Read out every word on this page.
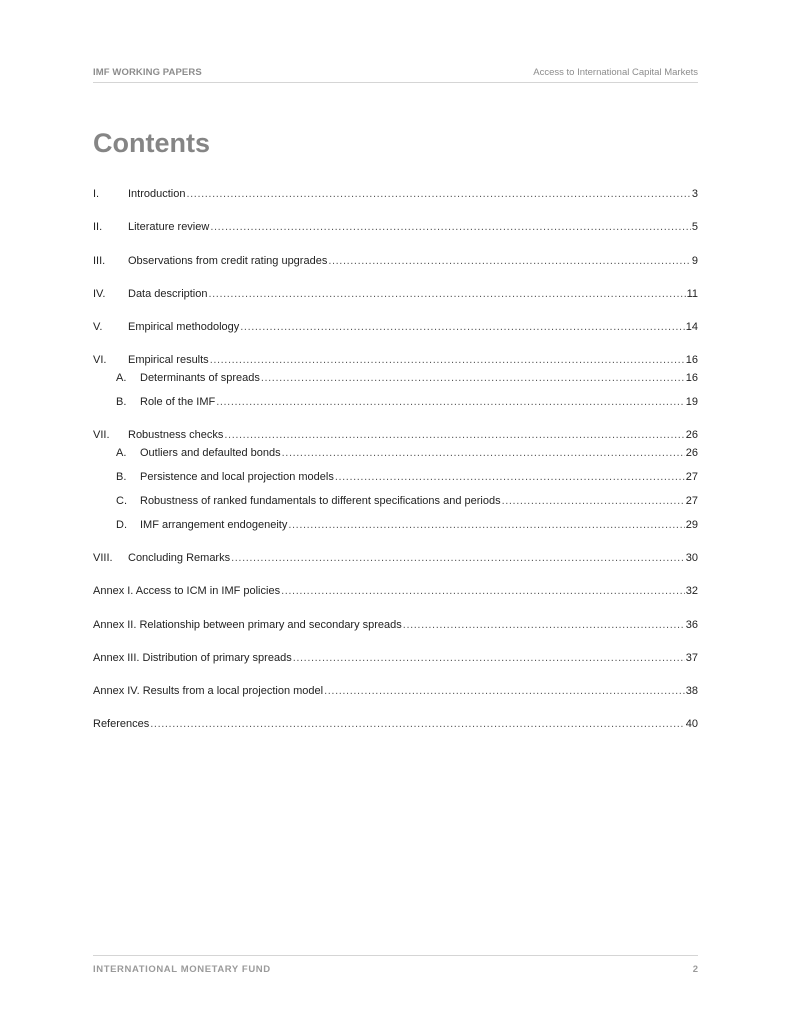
IMF WORKING PAPERS	Access to International Capital Markets
Contents
I.	Introduction .....	3
II.	Literature review .....	5
III.	Observations from credit rating upgrades .....	9
IV.	Data description .....	11
V.	Empirical methodology .....	14
VI.	Empirical results .....	16
A.	Determinants of spreads .....	16
B.	Role of the IMF .....	19
VII.	Robustness checks .....	26
A.	Outliers and defaulted bonds .....	26
B.	Persistence and local projection models .....	27
C.	Robustness of ranked fundamentals to different specifications and periods .....	27
D.	IMF arrangement endogeneity .....	29
VIII.	Concluding Remarks .....	30
Annex I. Access to ICM in IMF policies .....	32
Annex II. Relationship between primary and secondary spreads .....	36
Annex III. Distribution of primary spreads .....	37
Annex IV. Results from a local projection model .....	38
References .....	40
INTERNATIONAL MONETARY FUND	2
